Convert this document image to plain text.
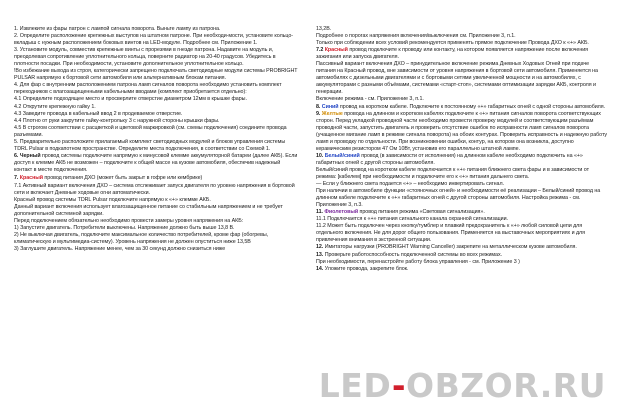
1. Извлеките из фары патрон с лампой сигнала поворота. Выньте лампу из патрона.

2. Определите расположение крепежных выступов на штатном патроне. При необходи-мости, установите кольцо-вкладыш с нужным расположением боковых винтов на LED-модуле. Подробнее см. Приложение 1.

3. Установите модуль, совместив крепежные винты с прорезями в гнезде патрона. Надавите на модуль и, преодолевая сопротивление уплотнительного кольца, поверните радиатор на 20-40 градусов. Убедитесь в плотности посадки. При необходимости, установите дополнительное уплотнительное кольцо.

!Во избежание выхода из строя, категорически запрещено подключать светодиодные модули системы PROBRIGHT PULSAR напрямую к бортовой сети автомобиля или альтернативным блокам питания.

4. Для фар с внутренним расположением патрона ламп сигналов поворота необходимо установить комплект переходников с влагозащищенными кабельными вводами (комплект приобретается отдельно):

4.1 Определите подходящее место и просверлите отверстие диаметром 12мм в крышке фары.

4.2 Открутите крепежную гайку 1.

4.3 Заведите провода в кабельный ввод 2 в продеваемое отверстие.

4.4 Плотно от руки закрутите гайку-контрольку 3 с наружной стороны крышки фары.

4.5 В строгом соответствии с расцветкой и цветовой маркировкой (см. схемы подключения) соедините провода разъемами.

5. Предварительно расположите прилагаемый комплект светодиодных модулей и блоков управления системы TDRL Pulsar в подкапотном пространстве. Определите места подключения, в соответствии со Схемой 1.

6. Черный провод системы подключите напрямую к минусовой клемме аккумуляторной батареи (далее АКБ). Если доступ к клемме АКБ не возможен – подключите к общей массе на кузове автомобиля, обеспечив надежный контакт в месте подключения.

7. Красный провод питания ДХО (может быть закрыт в гофре или кембрике)

7.1 Активный вариант включения ДХО – система отслеживает запуск двигателя по уровню напряжения в бортовой сети и включает Дневные ходовые огни автоматически.

Красный провод системы TDRL Pulsar подключите напрямую к «+» клемме АКБ.

Данный вариант включения использует влагозащищенное питание со стабильным напряжением и не требует дополнительной системной зарядки.

Перед подключением обязательно необходимо провести замеры уровня напряжения на АКБ:

1) Запустите двигатель. Потребители выключены. Напряжение должно быть выше 13,8 В.

2) Не выключая двигатель, подключите максимальное количество потребителей, кроме фар (обогревы, климатическую и мультимедиа-систему). Уровень напряжения не должен опуститься ниже 13,5В

3) Заглушите двигатель. Напряжение менее, чем за 30 секунд должно снизиться ниже

13,2В.

Подробнее о порогах напряжения включения/выключения см. Приложение 3, п.1.

Только при соблюдении всех условий рекомендуется применять прямое подключение Провода ДХО к «+» АКБ.

7.2 Красный провод подключите к проводу или контакту, на котором появляется напряжение после включения зажигания или запуска двигателя.

Пассивный вариант включения ДХО – принудительное включение режима Дневных Ходовых Огней при подаче питания на Красный провод, вне зависимости от уровня напряжения в бортовой сети автомобиля. Применяется на автомобилях с дизельными двигателями и с бортовыми сетями увеличенной мощности и на автомобилях, с аккумуляторами с разными объёмами, системами «старт-стоп», системами оптимизации зарядки АКБ, контроля и генерации.

Включение режима - см. Приложение 3, п.1.

8. Синий провод на коротком кабеле. Подключите к постоянному «+» габаритных огней с одной стороны автомобиля.

9. Желтые провода на длинном и коротком кабелях подключите к «+» питания сигналов поворота соответствующих сторон. Перед укладкой проводной части необходимо провести проверку модулей и соответствующим разъёмам проводной части, запустить двигатель и проверить отсутствие ошибок по исправности ламп сигналов поворота (учащенное мигание ламп в режиме сигнала поворота) на обоих контурах. Проверить исправность и надежную работу ламп и проводку по отдельности. При возникновении ошибки, контур, на котором она возникла, доступно керамическим резистором 47 Ом 10Вт, установив его параллельно штатной лампе.

10. Белый/синий провод (в зависимости от исполнения) на длинном кабеле необходимо подключить на «+» габаритных огней с другой стороны автомобиля.

Белый/синий провод на коротком кабеле подключается к «+» питания ближнего света фары и в зависимости от режима: [кабелем] при необходимости и подключите его к «+» питания дальнего света.

— Если у ближнего света подается «+» – необходимо инвертировать сигнал.

При наличии в автомобиле функции «стояночных огней» и необходимости её реализации – Белый/синий провод на длинном кабеле подключите к «+» габаритных огней с другой стороны автомобиля. Настройка режима - см. Приложение 3, п.3.

11. Фиолетовый провод питания режима «Световая сигнализация».

11.1 Подключается к «+» питания сигнального канала охранной сигнализации.

11.2 Может быть подключен через кнопку/тумблер и плавкий предохранитель к «+» любой силовой цепи для отдельного включения. Не для дорог общего пользования. Применяется на выставочных мероприятиях и для привлечения внимания в экстренной ситуации.

12. Имитаторы нагрузки (PROBRIGHT Warning Canceller) закрепите на металлическом кузове автомобиля.

13. Проверьте работоспособность подключенной системы во всех режимах.

При необходимости, перенастройте работу блока управления - см. Приложение 3 )

14. Уложите провода, закрепите блок.

LED-OBZOR.RU
